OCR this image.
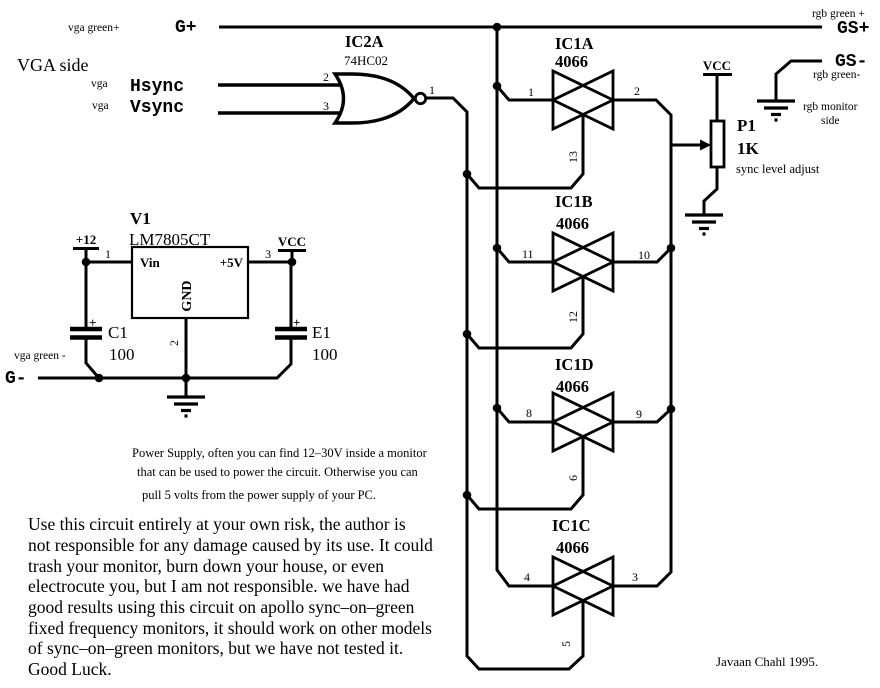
IC2A
74HC02
2
3
1
IC1A
4066
1	2
13
IC1B
4066
11	10
12
IC1D
4066
8	9
6
IC1C
4066
4	3
5
VCC
P1
1K
sync level adjust
V1
LM7805CT
Vin	+5V
GND
1	3
2
+12	VCC
+
C1
100
+
E1
100
vga green+	G+
VGA side
vga Hsync
vga Vsync
vga green -
G-
rgb green +
GS+
GS-
rgb green-
rgb monitor
side
Power Supply, often you can find 12–30V inside a monitor
that can be used to power the circuit. Otherwise you can
pull 5 volts from the power supply of your PC.
Use this circuit entirely at your own risk, the author is
not responsible for any damage caused by its use. It could
trash your monitor, burn down your house, or even
electrocute you, but I am not responsible. we have had
good results using this circuit on apollo sync–on–green
fixed frequency monitors, it should work on other models
of sync–on–green monitors, but we have not tested it.
Good Luck.	Javaan Chahl 1995.
